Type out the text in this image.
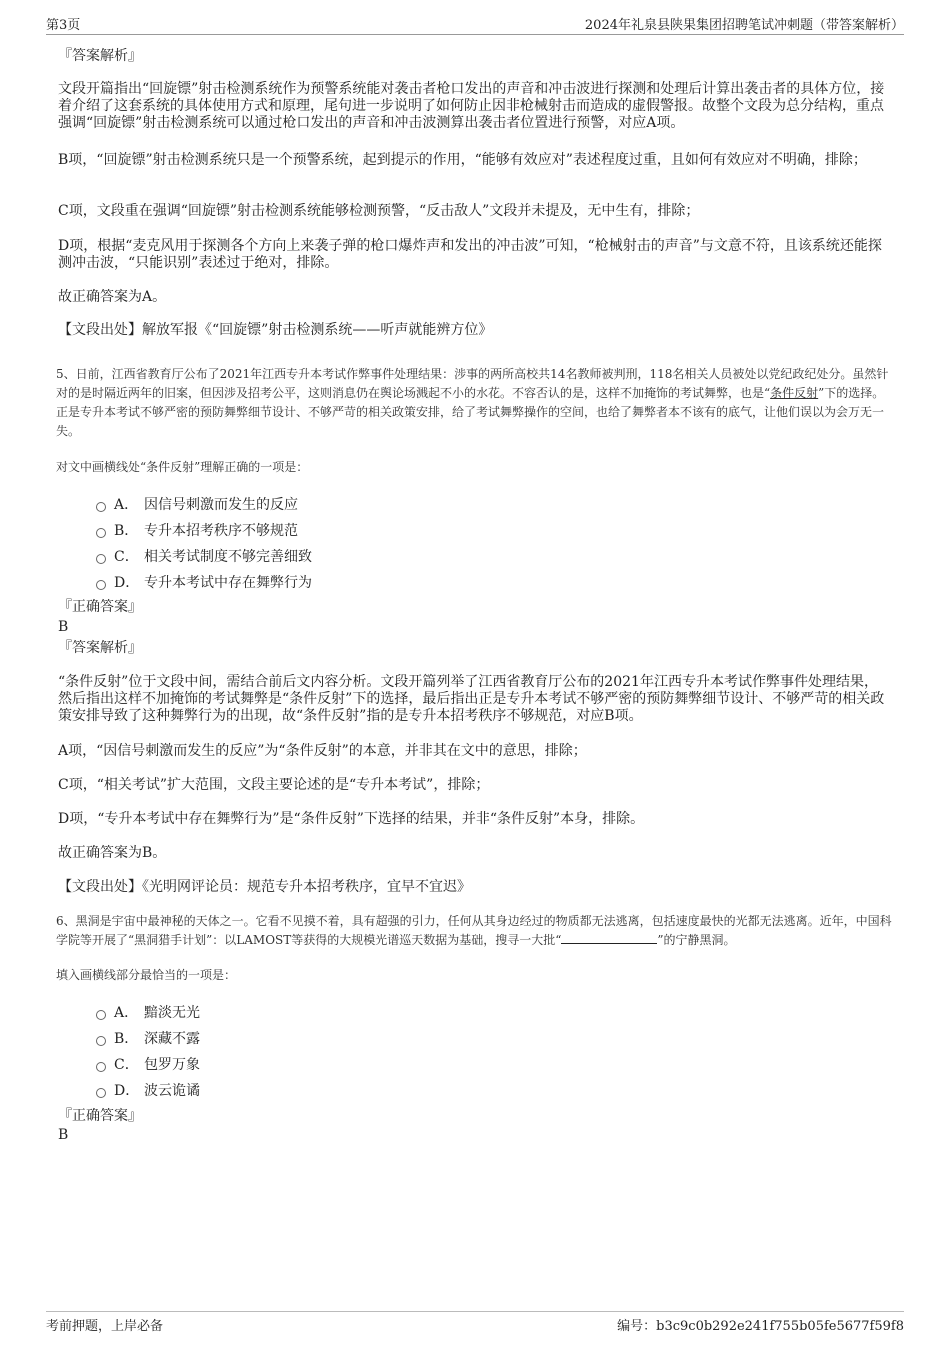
第3页	2024年礼泉县陕果集团招聘笔试冲刺题（带答案解析）
『答案解析』
文段开篇指出“回旋镖”射击检测系统作为预警系统能对袭击者枪口发出的声音和冲击波进行探测和处理后计算出袭击者的具体方位，接着介绍了这套系统的具体使用方式和原理，尾句进一步说明了如何防止因非枪械射击而造成的虚假警报。故整个文段为总分结构，重点强调“回旋镖”射击检测系统可以通过枪口发出的声音和冲击波测算出袭击者位置进行预警，对应A项。
B项，“回旋镖”射击检测系统只是一个预警系统，起到提示的作用，“能够有效应对”表述程度过重，且如何有效应对不明确，排除；
C项，文段重在强调“回旋镖”射击检测系统能够检测预警，“反击敌人”文段并未提及，无中生有，排除；
D项，根据“麦克风用于探测各个方向上来袭子弹的枪口爆炸声和发出的冲击波”可知，“枪械射击的声音”与文意不符，且该系统还能探测冲击波，“只能识别”表述过于绝对，排除。
故正确答案为A。
【文段出处】解放军报《“回旋镖”射击检测系统——听声就能辨方位》
5、日前，江西省教育厅公布了2021年江西专升本考试作弊事件处理结果：涉事的两所高校共14名教师被判刑，118名相关人员被处以党纪政纪处分。虽然针对的是时隔近两年的旧案，但因涉及招考公平，这则消息仍在舆论场溅起不小的水花。不容否认的是，这样不加掩饰的考试舞弊，也是“条件反射”下的选择。正是专升本考试不够严密的预防舞弊细节设计、不够严苛的相关政策安排，给了考试舞弊操作的空间，也给了舞弊者本不该有的底气，让他们误以为会万无一失。
对文中画横线处“条件反射”理解正确的一项是：
A． 因信号刺激而发生的反应
B． 专升本招考秩序不够规范
C． 相关考试制度不够完善细致
D． 专升本考试中存在舞弊行为
『正确答案』
B
『答案解析』
“条件反射”位于文段中间，需结合前后文内容分析。文段开篇列举了江西省教育厅公布的2021年江西专升本考试作弊事件处理结果，然后指出这样不加掩饰的考试舞弊是“条件反射”下的选择，最后指出正是专升本考试不够严密的预防舞弊细节设计、不够严苛的相关政策安排导致了这种舞弊行为的出现，故“条件反射”指的是专升本招考秩序不够规范，对应B项。
A项，“因信号刺激而发生的反应”为“条件反射”的本意，并非其在文中的意思，排除；
C项，“相关考试”扩大范围，文段主要论述的是“专升本考试”，排除；
D项，“专升本考试中存在舞弊行为”是“条件反射”下选择的结果，并非“条件反射”本身，排除。
故正确答案为B。
【文段出处】《光明网评论员：规范专升本招考秩序，宜早不宜迟》
6、黑洞是宇宙中最神秘的天体之一。它看不见摸不着，具有超强的引力，任何从其身边经过的物质都无法逃离，包括速度最快的光都无法逃离。近年，中国科学院等开展了“黑洞猎手计划”：以LAMOST等获得的大规模光谱巡天数据为基础，搜寻一大批“	”的宁静黑洞。
填入画横线部分最恰当的一项是：
A． 黯淡无光
B． 深藏不露
C． 包罗万象
D． 波云诡谲
『正确答案』
B
考前押题，上岸必备	编号：b3c9c0b292e241f755b05fe5677f59f8
